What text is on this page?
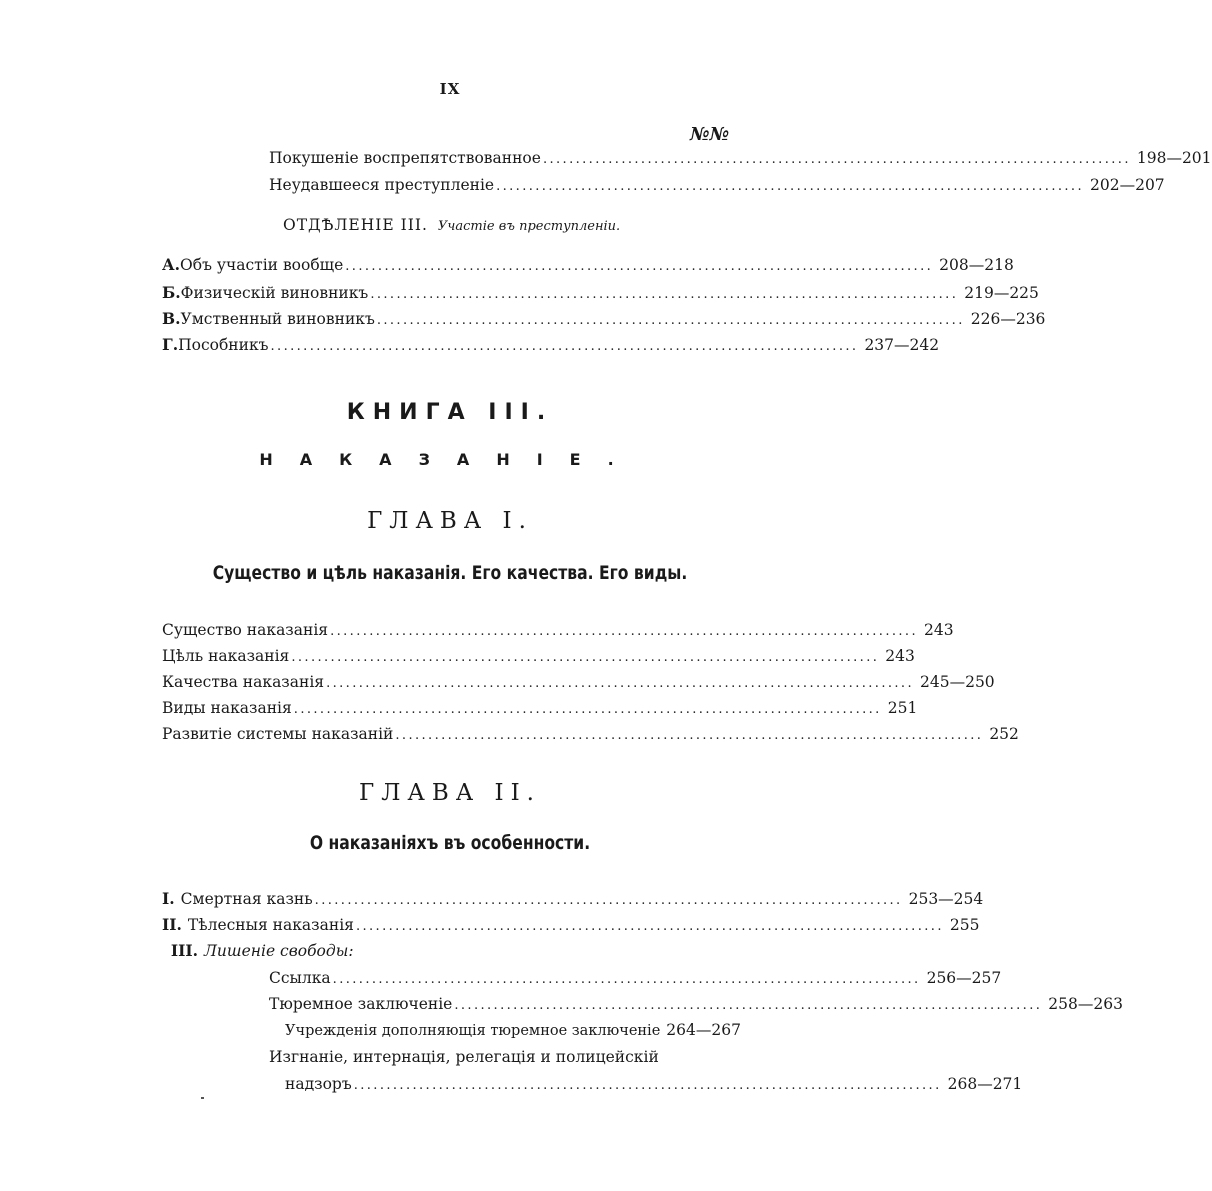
IX
№№
Покушеніе воспрепятствованное .......................................................................................... 198—201
Неудавшееся преступленіе .......................................................................................... 202—207
ОТДѢЛЕНІЕ III. Участіе въ преступленіи.
А. Объ участіи вообще .......................................................................................... 208—218
Б. Физическій виновникъ .......................................................................................... 219—225
В. Умственный виновникъ .......................................................................................... 226—236
Г. Пособникъ .......................................................................................... 237—242
КНИГА III.
НАКАЗАНІЕ.
ГЛАВА I.
Существо и цѣль наказанія. Его качества. Его виды.
Существо наказанія .......................................................................................... 243
Цѣль наказанія .......................................................................................... 243
Качества наказанія .......................................................................................... 245—250
Виды наказанія .......................................................................................... 251
Развитіе системы наказаній .......................................................................................... 252
ГЛАВА II.
О наказаніяхъ въ особенности.
I. Смертная казнь .......................................................................................... 253—254
II. Тѣлесныя наказанія .......................................................................................... 255
III. Лишеніе свободы:
Ссылка .......................................................................................... 256—257
Тюремное заключеніе .......................................................................................... 258—263
Учрежденія дополняющія тюремное заключеніе 264—267
Изгнаніе, интернація, релегація и полицейскій
надзоръ .......................................................................................... 268—271
